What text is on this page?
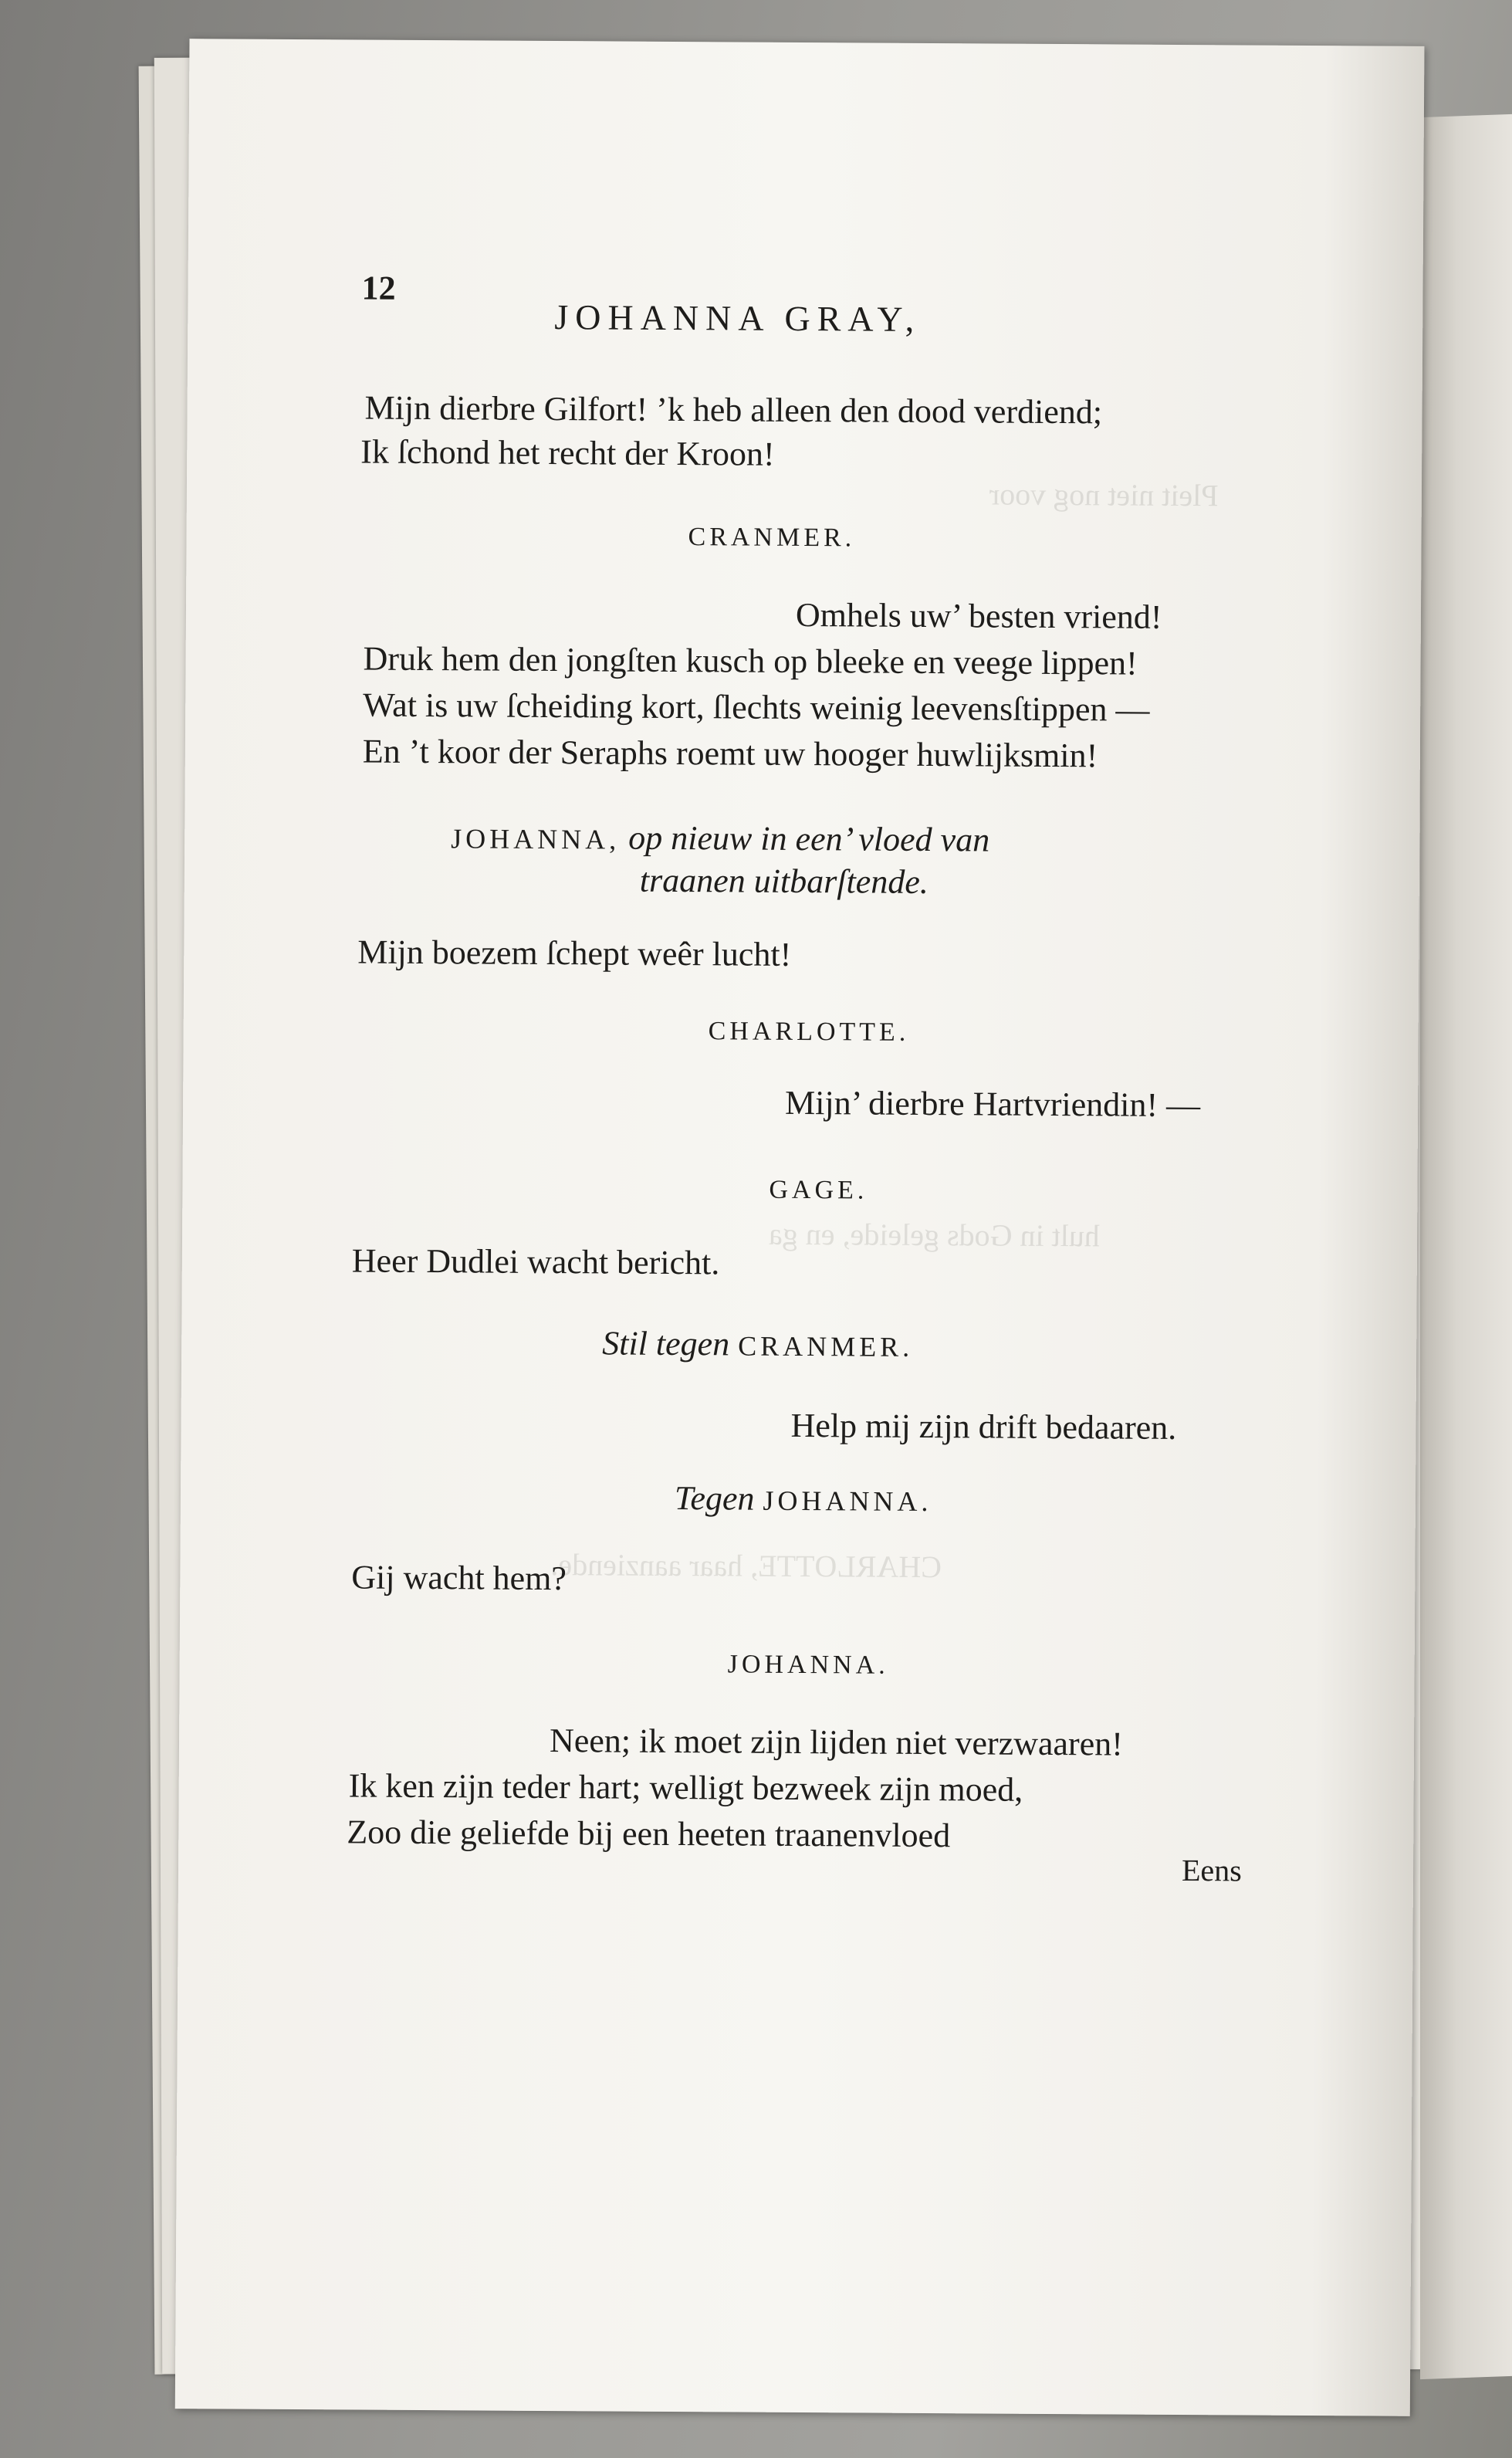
Pleit niet nog voor
hult in Gods geleide, en ga
CHARLOTTE, haar aanziende.
12
JOHANNA GRAY,
Mijn dierbre Gilfort! ’k heb alleen den dood verdiend;
Ik ſchond het recht der Kroon!
CRANMER.
Omhels uw’ besten vriend!
Druk hem den jongſten kusch op bleeke en veege lippen!
Wat is uw ſcheiding kort, ſlechts weinig leevensſtippen —
En ’t koor der Seraphs roemt uw hooger huwlijksmin!
JOHANNA, op nieuw in een’ vloed van
traanen uitbarſtende.
Mijn boezem ſchept weêr lucht!
CHARLOTTE.
Mijn’ dierbre Hartvriendin! —
GAGE.
Heer Dudlei wacht bericht.
Stil tegen CRANMER.
Help mij zijn drift bedaaren.
Tegen JOHANNA.
Gij wacht hem?
JOHANNA.
Neen; ik moet zijn lijden niet verzwaaren!
Ik ken zijn teder hart; welligt bezweek zijn moed,
Zoo die geliefde bij een heeten traanenvloed
Eens
